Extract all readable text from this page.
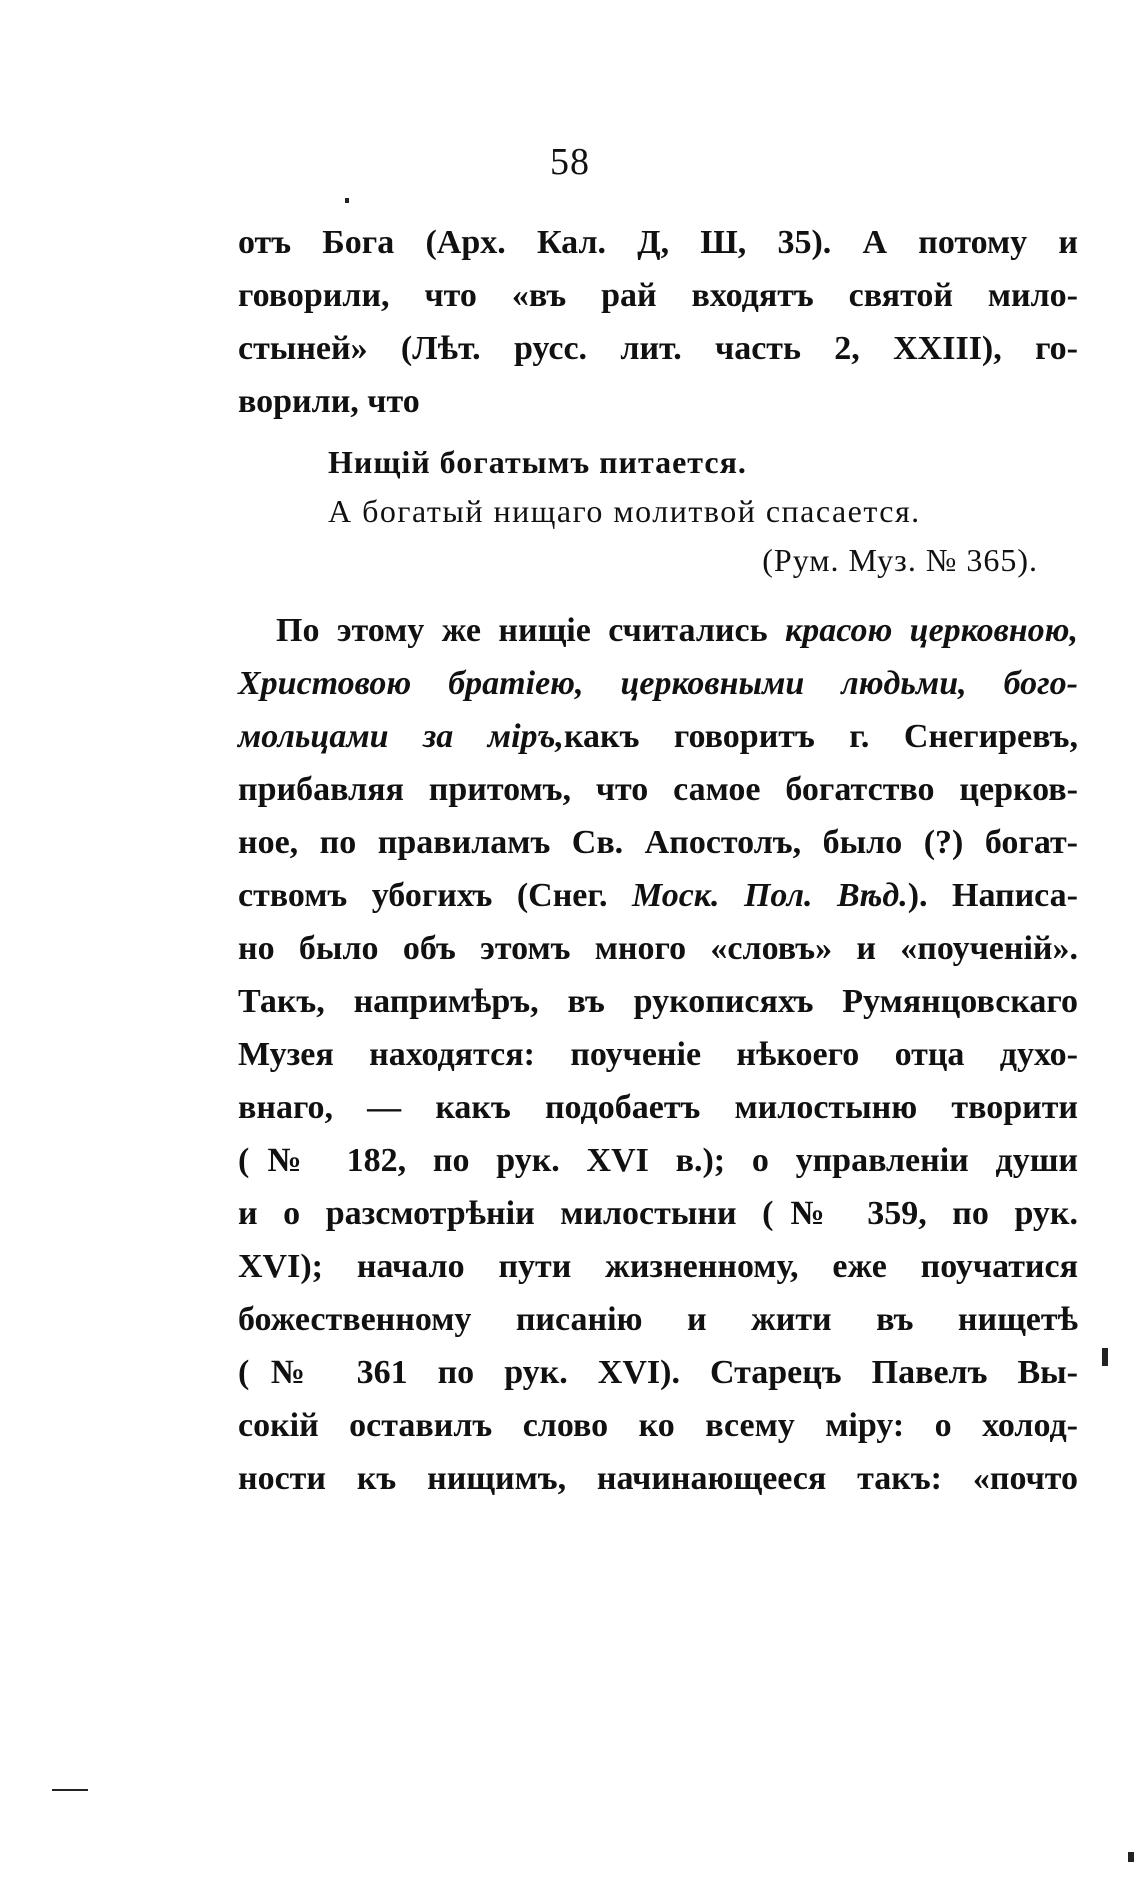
58
отъ Бога (Арх. Кал. Д, Ш, 35). А потому и
говорили, что «въ рай входятъ святой мило-
стыней» (Лѣт. русс. лит. часть 2, XXIII), го-
ворили, что
Нищій богатымъ питается.
А богатый нищаго молитвой спасается.
(Рум. Муз. № 365).
По этому же нищіе считались красою церковною,
Христовою братіею, церковными людьми, бого-
мольцами за міръ,какъ говоритъ г. Снегиревъ,
прибавляя притомъ, что самое богатство церков-
ное, по правиламъ Св. Апостолъ, было (?) богат-
ствомъ убогихъ (Снег. Моск. Пол. Вѣд.). Написа-
но было объ этомъ много «словъ» и «поученій».
Такъ, напримѣръ, въ рукописяхъ Румянцовскаго
Музея находятся: поученіе нѣкоего отца духо-
внаго, — какъ подобаетъ милостыню творити
(№ 182, по рук. XVI в.); о управленіи души
и о разсмотрѣніи милостыни (№ 359, по рук.
XVI); начало пути жизненному, еже поучатися
божественному писанію и жити въ нищетѣ
(№ 361 по рук. XVI). Старецъ Павелъ Вы-
сокій оставилъ слово ко всему міру: о холод-
ности къ нищимъ, начинающееся такъ: «почто
